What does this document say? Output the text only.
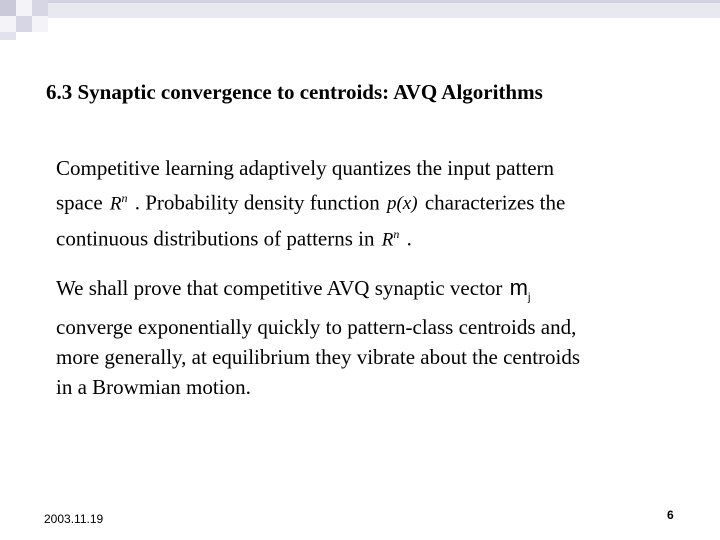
6.3 Synaptic convergence to centroids: AVQ Algorithms
Competitive learning adaptively quantizes the input pattern
space $R^n$ . Probability density function p(x) characterizes the
continuous distributions of patterns in $R^n$ .
We shall prove that competitive AVQ synaptic vector $m_j$
converge exponentially quickly to pattern-class centroids and,
more generally, at equilibrium they vibrate about the centroids
in a Browmian motion.
2003.11.19	6
